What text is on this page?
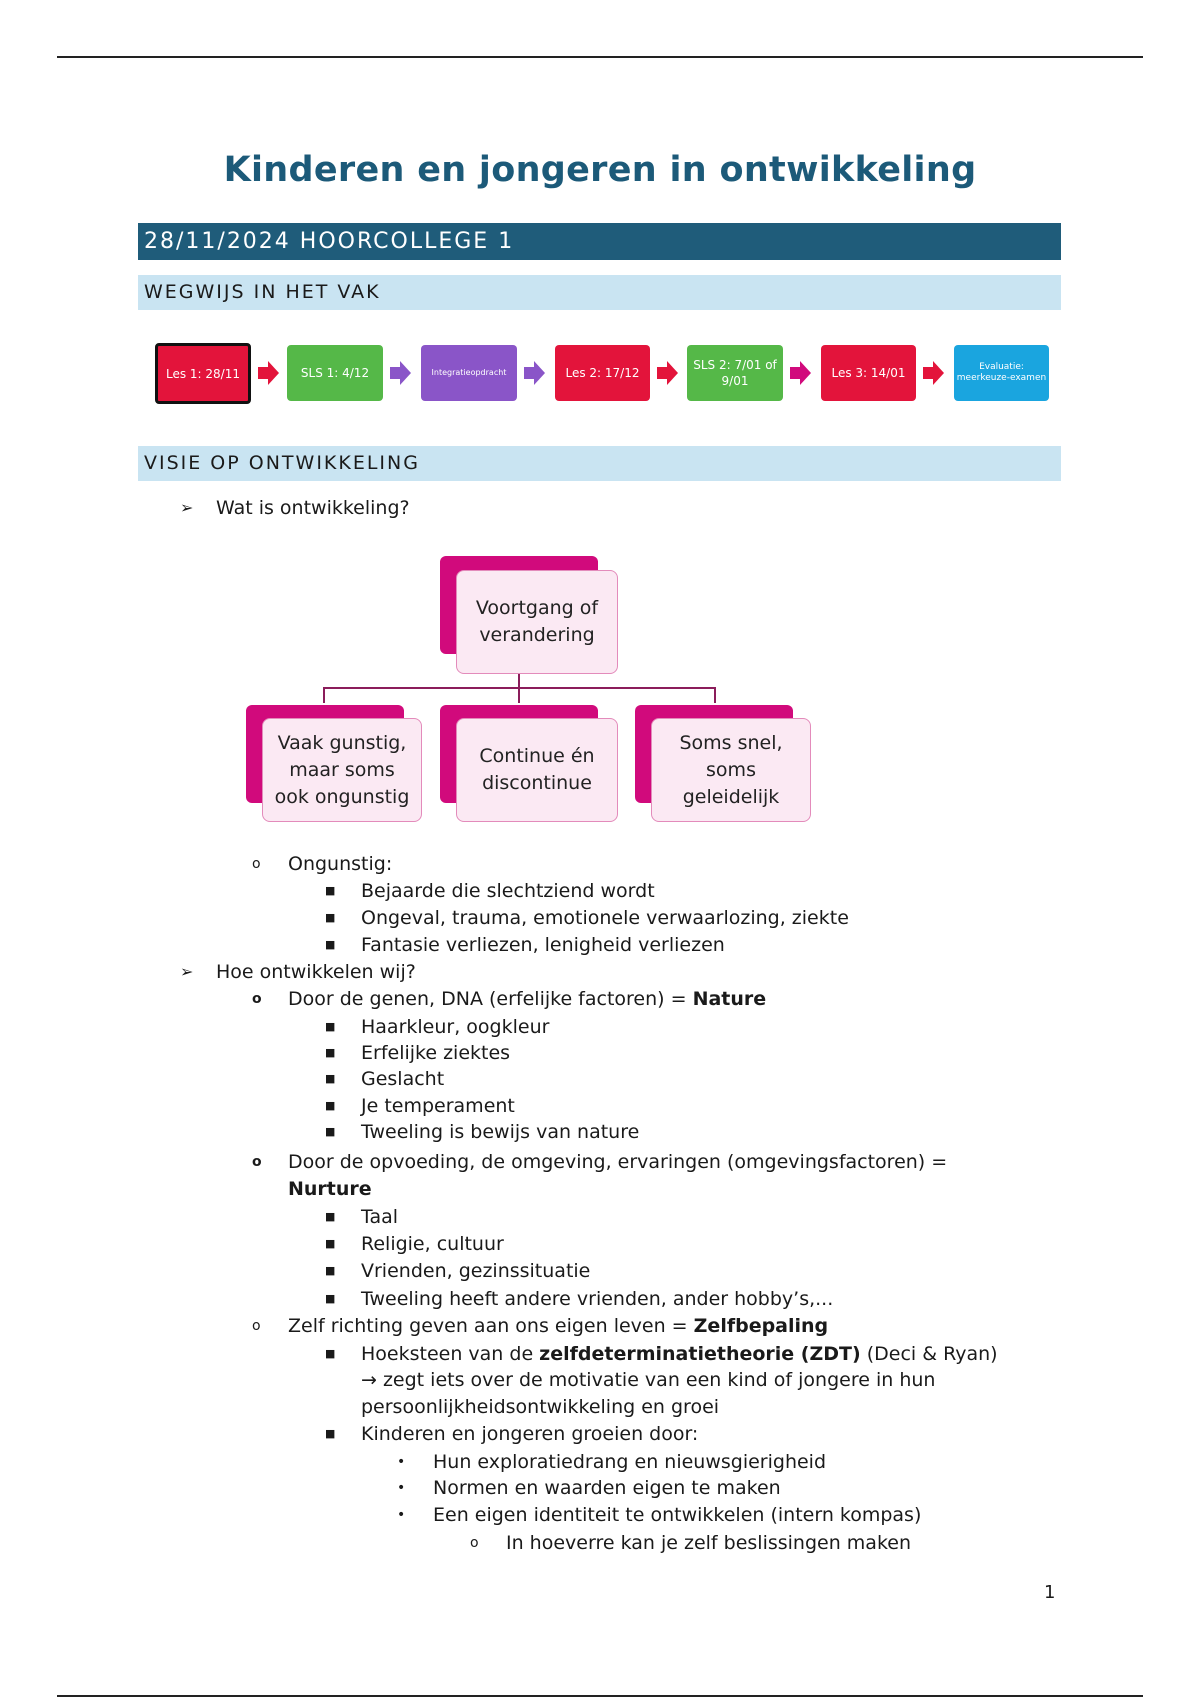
Kinderen en jongeren in ontwikkeling
28/11/2024 HOORCOLLEGE 1
WEGWIJS IN HET VAK
Les 1: 28/11	SLS 1: 4/12	Integratieopdracht	Les 2: 17/12
SLS 2: 7/01 of 9/01
Les 3: 14/01	Evaluatie: meerkeuze-examen
VISIE OP ONTWIKKELING
➢ Wat is ontwikkeling?
Voortgang of verandering
Vaak gunstig, maar soms ook ongunstig
Continue én discontinue
Soms snel, soms geleidelijk
o Ongunstig:
■ Bejaarde die slechtziend wordt
■ Ongeval, trauma, emotionele verwaarlozing, ziekte
■ Fantasie verliezen, lenigheid verliezen
➢ Hoe ontwikkelen wij?
o Door de genen, DNA (erfelijke factoren) = Nature
■ Haarkleur, oogkleur
■ Erfelijke ziektes
■ Geslacht
■ Je temperament
■ Tweeling is bewijs van nature
o Door de opvoeding, de omgeving, ervaringen (omgevingsfactoren) =
Nurture
■ Taal
■ Religie, cultuur
■ Vrienden, gezinssituatie
■ Tweeling heeft andere vrienden, ander hobby’s,...
o Zelf richting geven aan ons eigen leven = Zelfbepaling
■ Hoeksteen van de zelfdeterminatietheorie (ZDT) (Deci & Ryan)
→ zegt iets over de motivatie van een kind of jongere in hun
persoonlijkheidsontwikkeling en groei
■ Kinderen en jongeren groeien door:
• Hun exploratiedrang en nieuwsgierigheid
• Normen en waarden eigen te maken
• Een eigen identiteit te ontwikkelen (intern kompas)
o In hoeverre kan je zelf beslissingen maken
1
